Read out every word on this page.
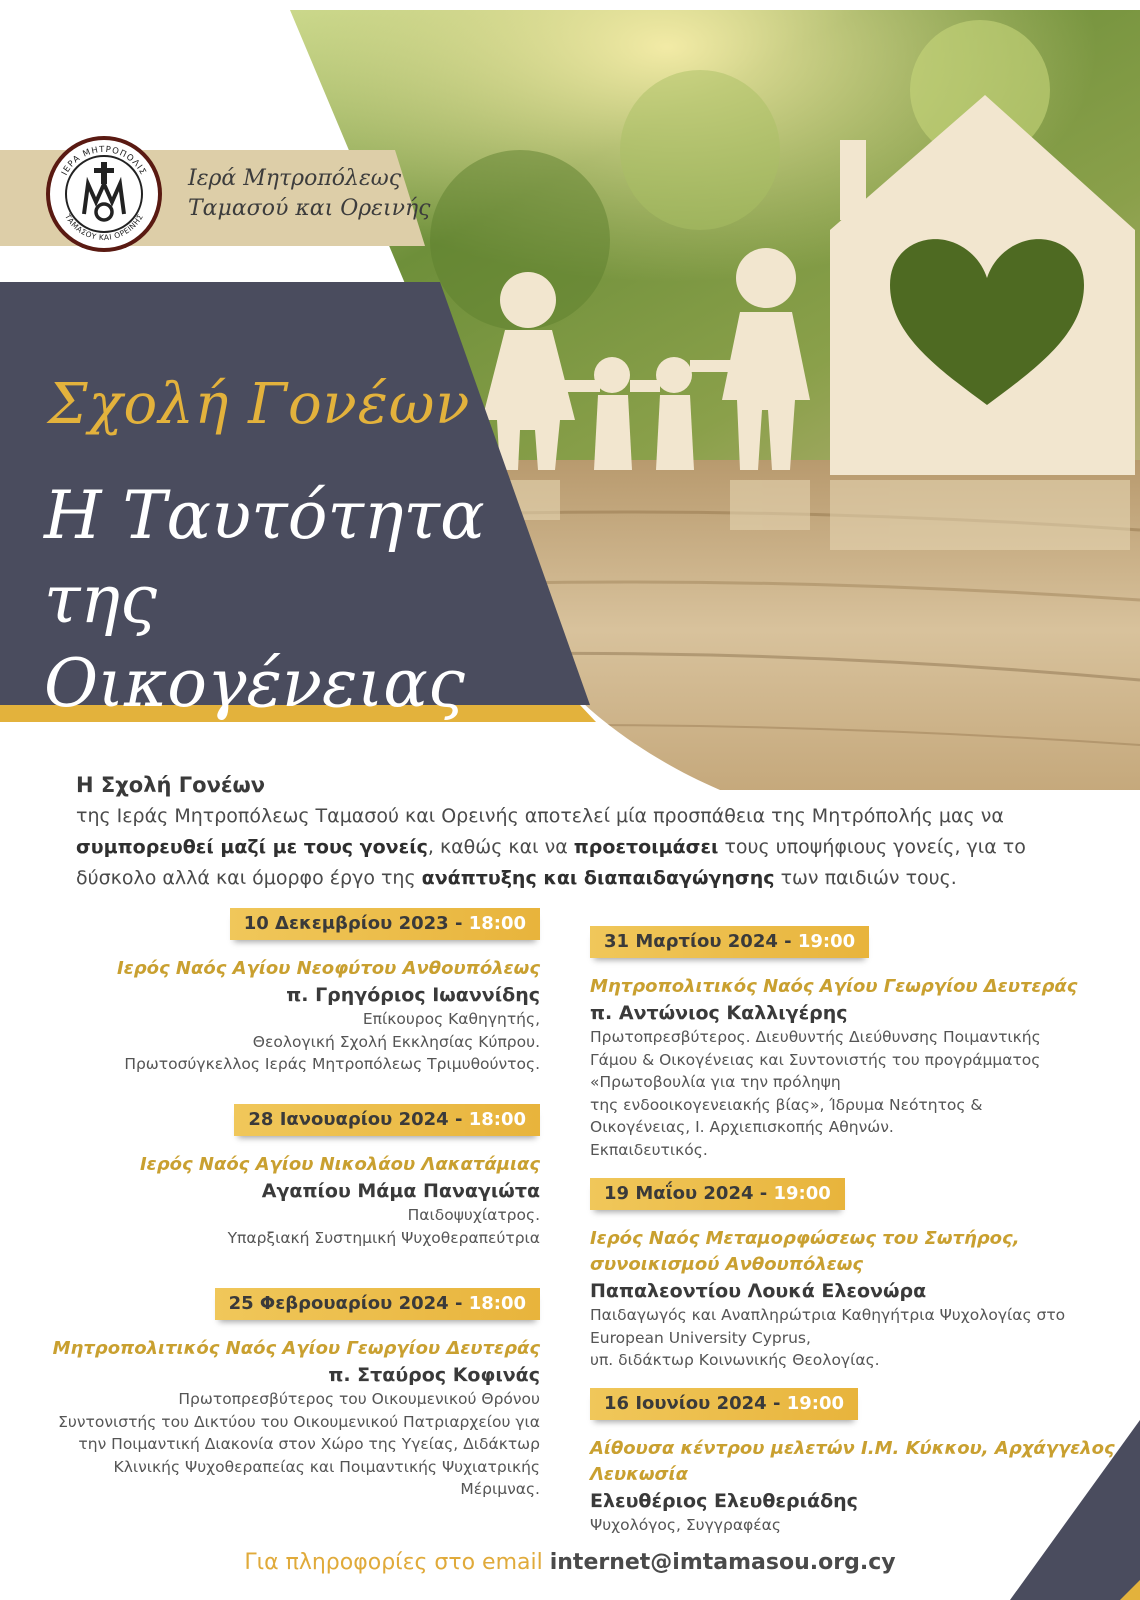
ΙΕΡΑ ΜΗΤΡΟΠΟΛΙΣ
ΤΑΜΑΣΟΥ ΚΑΙ ΟΡΕΙΝΗΣ
Ιερά Μητροπόλεως
Ταμασού και Ορεινής
Σχολή Γονέων
Η Ταυτότητα
της Οικογένειας
Η Σχολή Γονέων
της Ιεράς Μητροπόλεως Ταμασού και Ορεινής αποτελεί μία προσπάθεια της Μητρόπολής μας να συμπορευθεί μαζί με τους γονείς, καθώς και να προετοιμάσει τους υποψήφιους γονείς, για το δύσκολο αλλά και όμορφο έργο της ανάπτυξης και διαπαιδαγώγησης των παιδιών τους.
10 Δεκεμβρίου 2023 - 18:00
Ιερός Ναός Αγίου Νεοφύτου Ανθουπόλεως
π. Γρηγόριος Ιωαννίδης
Επίκουρος Καθηγητής,
Θεολογική Σχολή Εκκλησίας Κύπρου.
Πρωτοσύγκελλος Ιεράς Μητροπόλεως Τριμυθούντος.
28 Ιανουαρίου 2024 - 18:00
Ιερός Ναός Αγίου Νικολάου Λακατάμιας
Αγαπίου Μάμα Παναγιώτα
Παιδοψυχίατρος.
Υπαρξιακή Συστημική Ψυχοθεραπεύτρια
25 Φεβρουαρίου 2024 - 18:00
Μητροπολιτικός Ναός Αγίου Γεωργίου Δευτεράς
π. Σταύρος Κοφινάς
Πρωτοπρεσβύτερος του Οικουμενικού Θρόνου
Συντονιστής του Δικτύου του Οικουμενικού Πατριαρχείου για
την Ποιμαντική Διακονία στον Χώρο της Υγείας, Διδάκτωρ
Κλινικής Ψυχοθεραπείας και Ποιμαντικής Ψυχιατρικής
Μέριμνας.
31 Μαρτίου 2024 - 19:00
Μητροπολιτικός Ναός Αγίου Γεωργίου Δευτεράς
π. Αντώνιος Καλλιγέρης
Πρωτοπρεσβύτερος. Διευθυντής Διεύθυνσης Ποιμαντικής
Γάμου & Οικογένειας και Συντονιστής του προγράμματος
«Πρωτοβουλία για την πρόληψη
της ενδοοικογενειακής βίας», Ίδρυμα Νεότητος &
Οικογένειας, Ι. Αρχιεπισκοπής Αθηνών.
Εκπαιδευτικός.
19 Μαΐου 2024 - 19:00
Ιερός Ναός Μεταμορφώσεως του Σωτήρος, συνοικισμού Ανθουπόλεως
Παπαλεοντίου Λουκά Ελεονώρα
Παιδαγωγός και Αναπληρώτρια Καθηγήτρια Ψυχολογίας στο
European University Cyprus,
υπ. διδάκτωρ Κοινωνικής Θεολογίας.
16 Ιουνίου 2024 - 19:00
Αίθουσα κέντρου μελετών Ι.Μ. Κύκκου, Αρχάγγελος Λευκωσία
Ελευθέριος Ελευθεριάδης
Ψυχολόγος, Συγγραφέας
Για πληροφορίες στο email internet@imtamasou.org.cy
